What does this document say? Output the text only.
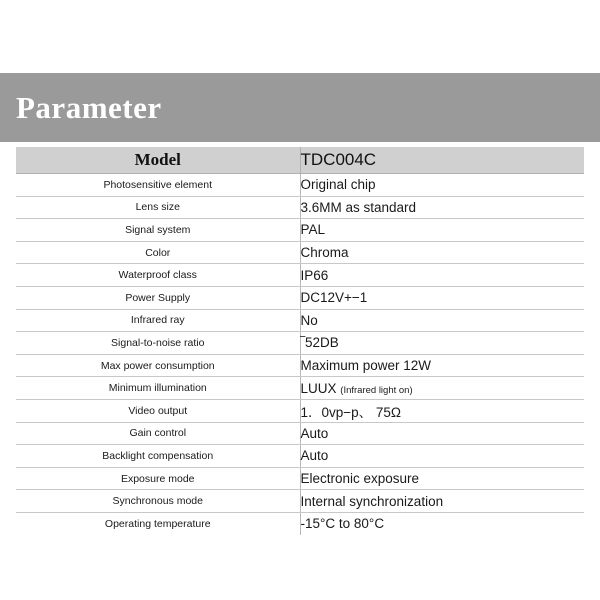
Parameter
Model	TDC004C
Photosensitive element	Original chip
Lens size	3.6MM as standard
Signal system	PAL
Color	Chroma
Waterproof class	IP66
Power Supply	DC12V+−1
Infrared ray	No
Signal-to-noise ratio	‾52DB
Max power consumption	Maximum power 12W
Minimum illumination	LUUX (Infrared light on)
Video output	1．0vp−p、 75Ω
Gain control	Auto
Backlight compensation	Auto
Exposure mode	Electronic exposure
Synchronous mode	Internal synchronization
Operating temperature	-15°C to 80°C
